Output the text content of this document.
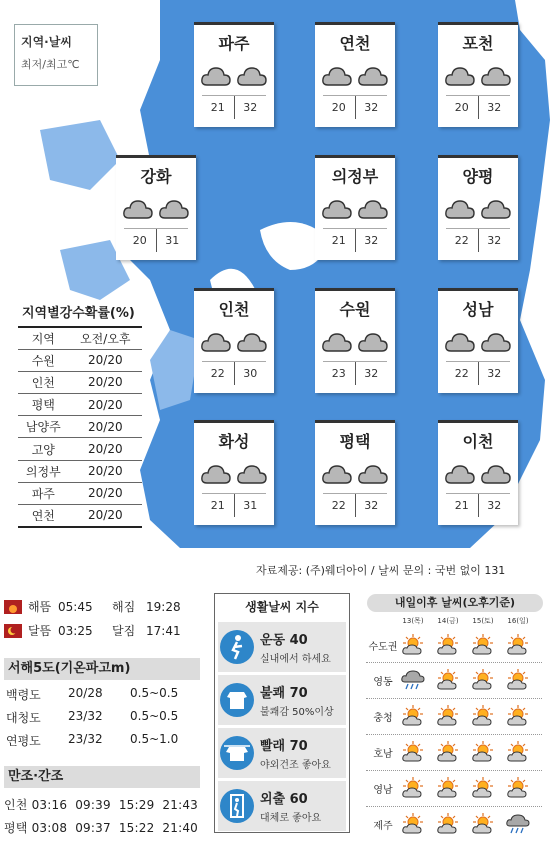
지역·날씨
최저/최고℃
파주
21	32
연천
20	32
포천
20	32
강화
20	31
의정부
21	32
양평
22	32
인천
22	30
수원
23	32
성남
22	32
화성
21	31
평택
22	32
이천
21	32
지역별강수확률(%)
지역	오전/오후
수원	20/20
인천	20/20
평택	20/20
남양주	20/20
고양	20/20
의정부	20/20
파주	20/20
연천	20/20
자료제공: (주)웨더아이 / 날씨 문의 : 국번 없이 131
해뜸 05:45	해짐 19:28
달뜸 03:25	달짐 17:41
서해5도(기온파고m)
백령도	20/28	0.5~0.5
대청도	23/32	0.5~0.5
연평도	23/32	0.5~1.0
만조·간조
인천 03:16  09:39  15:29  21:43
평택 03:08  09:37  15:22  21:40
생활날씨 지수
운동 40
실내에서 하세요
불쾌 70
불쾌감 50%이상
빨래 70
야외건조 좋아요
외출 60
대체로 좋아요
내일이후 날씨(오후기준)
13(목)	14(금)	15(토)	16(일)
수도권
영동
충청
호남
영남
제주
